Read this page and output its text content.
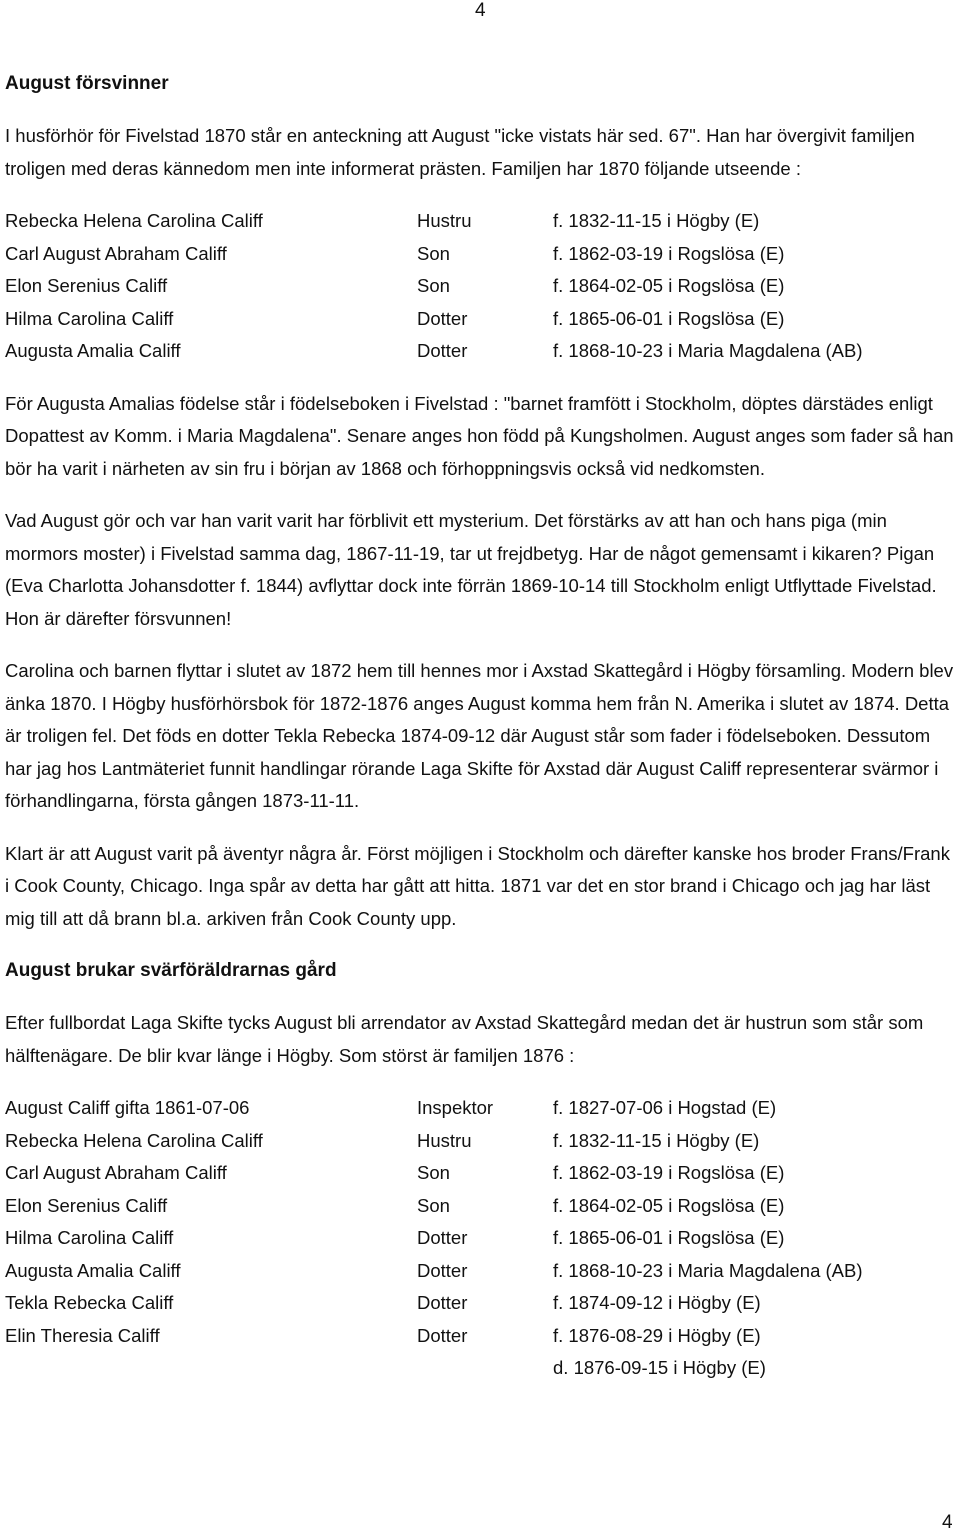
4

August försvinner

I husförhör för Fivelstad 1870 står en anteckning att August "icke vistats här sed. 67". Han har övergivit familjen troligen med deras kännedom men inte informerat prästen. Familjen har 1870 följande utseende :

Rebecka Helena Carolina Califf	Hustru	f. 1832-11-15 i Högby (E)
Carl August Abraham Califf	Son	f. 1862-03-19 i Rogslösa (E)
Elon Serenius Califf	Son	f. 1864-02-05 i Rogslösa (E)
Hilma Carolina Califf	Dotter	f. 1865-06-01 i Rogslösa (E)
Augusta Amalia Califf	Dotter	f. 1868-10-23 i Maria Magdalena (AB)

För Augusta Amalias födelse står i födelseboken i Fivelstad : "barnet framfött i Stockholm, döptes därstädes enligt Dopattest av Komm. i Maria Magdalena". Senare anges hon född på Kungsholmen. August anges som fader så han bör ha varit i närheten av sin fru i början av 1868 och förhoppningsvis också vid nedkomsten.

Vad August gör och var han varit varit har förblivit ett mysterium. Det förstärks av att han och hans piga (min mormors moster) i Fivelstad samma dag, 1867-11-19, tar ut frejdbetyg. Har de något gemensamt i kikaren? Pigan (Eva Charlotta Johansdotter f. 1844) avflyttar dock inte förrän 1869-10-14 till Stockholm enligt Utflyttade Fivelstad. Hon är därefter försvunnen!

Carolina och barnen flyttar i slutet av 1872 hem till hennes mor i Axstad Skattegård i Högby församling. Modern blev änka 1870. I Högby husförhörsbok för 1872-1876 anges August komma hem från N. Amerika i slutet av 1874. Detta är troligen fel. Det föds en dotter Tekla Rebecka 1874-09-12 där August står som fader i födelseboken. Dessutom har jag hos Lantmäteriet funnit handlingar rörande Laga Skifte för Axstad där August Califf representerar svärmor i förhandlingarna, första gången 1873-11-11.

Klart är att August varit på äventyr några år. Först möjligen i Stockholm och därefter kanske hos broder Frans/Frank i Cook County, Chicago. Inga spår av detta har gått att hitta. 1871 var det en stor brand i Chicago och jag har läst mig till att då brann bl.a. arkiven från Cook County upp.

August brukar svärföräldrarnas gård

Efter fullbordat Laga Skifte tycks August bli arrendator av Axstad Skattegård medan det är hustrun som står som hälftenägare. De blir kvar länge i Högby. Som störst är familjen 1876 :

August Califf gifta 1861-07-06	Inspektor	f. 1827-07-06 i Hogstad (E)
Rebecka Helena Carolina Califf	Hustru	f. 1832-11-15 i Högby (E)
Carl August Abraham Califf	Son	f. 1862-03-19 i Rogslösa (E)
Elon Serenius Califf	Son	f. 1864-02-05 i Rogslösa (E)
Hilma Carolina Califf	Dotter	f. 1865-06-01 i Rogslösa (E)
Augusta Amalia Califf	Dotter	f. 1868-10-23 i Maria Magdalena (AB)
Tekla Rebecka Califf	Dotter	f. 1874-09-12 i Högby (E)
Elin Theresia Califf	Dotter	f. 1876-08-29 i Högby (E)
d. 1876-09-15 i Högby (E)
4
